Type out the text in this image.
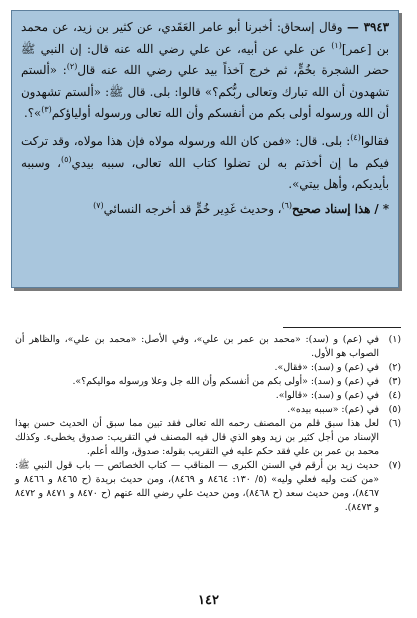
٣٩٤٣ — وقال إسحاق: أخبرنا أبو عامر العَقَدي، عن كثير بن زيد، عن محمد بن [عمر]$^{(١)}$ عن علي عن أبيه، عن علي رضي الله عنه قال: إن النبي ﷺ حضر الشجرة بخُمٍّ، ثم خرج آخذاً بيد علي رضي الله عنه قال$^{(٢)}$: «ألستم تشهدون أن الله تبارك وتعالى ربُّكم؟» قالوا: بلى. قال ﷺ: «ألستم تشهدون أن الله ورسوله أولى بكم من أنفسكم وأن الله تعالى ورسوله أولياؤكم$^{(٣)}$»؟.

فقالوا$^{(٤)}$: بلى. قال: «فمن كان الله ورسوله مولاه فإن هذا مولاه، وقد تركت فيكم ما إن أخذتم به لن تضلوا كتاب الله تعالى، سببه بيدي$^{(٥)}$، وسببه بأيديكم، وأهل بيتي».

* / هذا إسناد صحيح$^{(٦)}$، وحديث غَدِير خُمٍّ قد أخرجه النسائي$^{(٧)}$

(١)
في (عم) و (سد): «محمد بن عمر بن علي»، وفي الأصل: «محمد بن علي»، والظاهر أن الصواب هو الأول.
(٢)
في (عم) و (سد): «فقال».
(٣)
في (عم) و (سد): «أولى بكم من أنفسكم وأن الله جل وعلا ورسوله مواليكم؟».
(٤)
في (عم) و (سد): «قالوا».
(٥)
في (عم): «سببه بيده».
(٦)
لعل هذا سبق قلم من المصنف رحمه الله تعالى فقد تبين مما سبق أن الحديث حسن بهذا الإسناد من أجل كثير بن زيد وهو الذي قال فيه المصنف في التقريب: صدوق يخطىء. وكذلك محمد بن عمر بن علي فقد حكم عليه في التقريب بقوله: صدوق، والله أعلم.
(٧)
حديث زيد بن أرقم في السنن الكبرى — المناقب — كتاب الخصائص — باب قول النبي ﷺ: «من كنت وليه فعلي وليه» (٥/ ١٣٠: ٨٤٦٤ و ٨٤٦٩)، ومن حديث بريدة (ح ٨٤٦٥ و ٨٤٦٦ و ٨٤٦٧)، ومن حديث سعد (ح ٨٤٦٨)، ومن حديث علي رضي الله عنهم (ح ٨٤٧٠ و ٨٤٧١ و ٨٤٧٢ و ٨٤٧٣).
١٤٢
